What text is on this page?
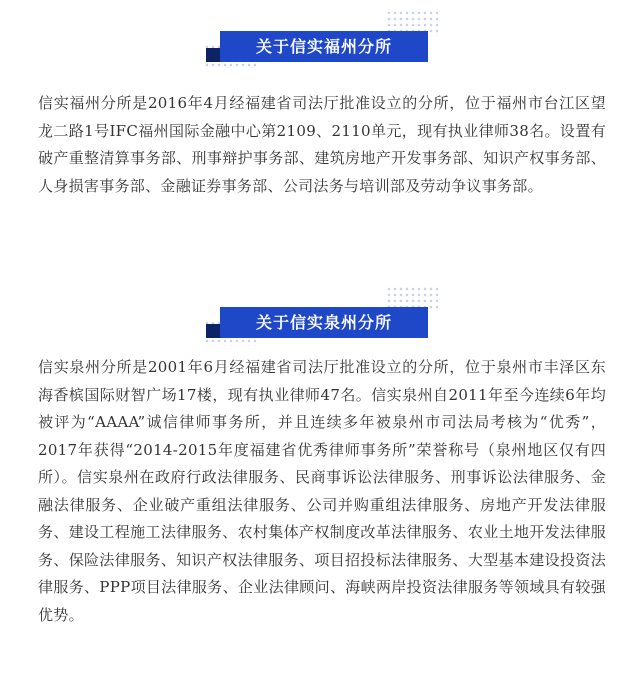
关于信实福州分所
信实福州分所是2016年4月经福建省司法厅批准设立的分所，位于福州市台江区望龙二路1号IFC福州国际金融中心第2109、2110单元，现有执业律师38名。设置有破产重整清算事务部、刑事辩护事务部、建筑房地产开发事务部、知识产权事务部、人身损害事务部、金融证券事务部、公司法务与培训部及劳动争议事务部。
关于信实泉州分所
信实泉州分所是2001年6月经福建省司法厅批准设立的分所，位于泉州市丰泽区东海香槟国际财智广场17楼，现有执业律师47名。信实泉州自2011年至今连续6年均被评为“AAAA”诚信律师事务所，并且连续多年被泉州市司法局考核为“优秀”，2017年获得“2014-2015年度福建省优秀律师事务所”荣誉称号（泉州地区仅有四所）。信实泉州在政府行政法律服务、民商事诉讼法律服务、刑事诉讼法律服务、金融法律服务、企业破产重组法律服务、公司并购重组法律服务、房地产开发法律服务、建设工程施工法律服务、农村集体产权制度改革法律服务、农业土地开发法律服务、保险法律服务、知识产权法律服务、项目招投标法律服务、大型基本建设投资法律服务、PPP项目法律服务、企业法律顾问、海峡两岸投资法律服务等领域具有较强优势。
